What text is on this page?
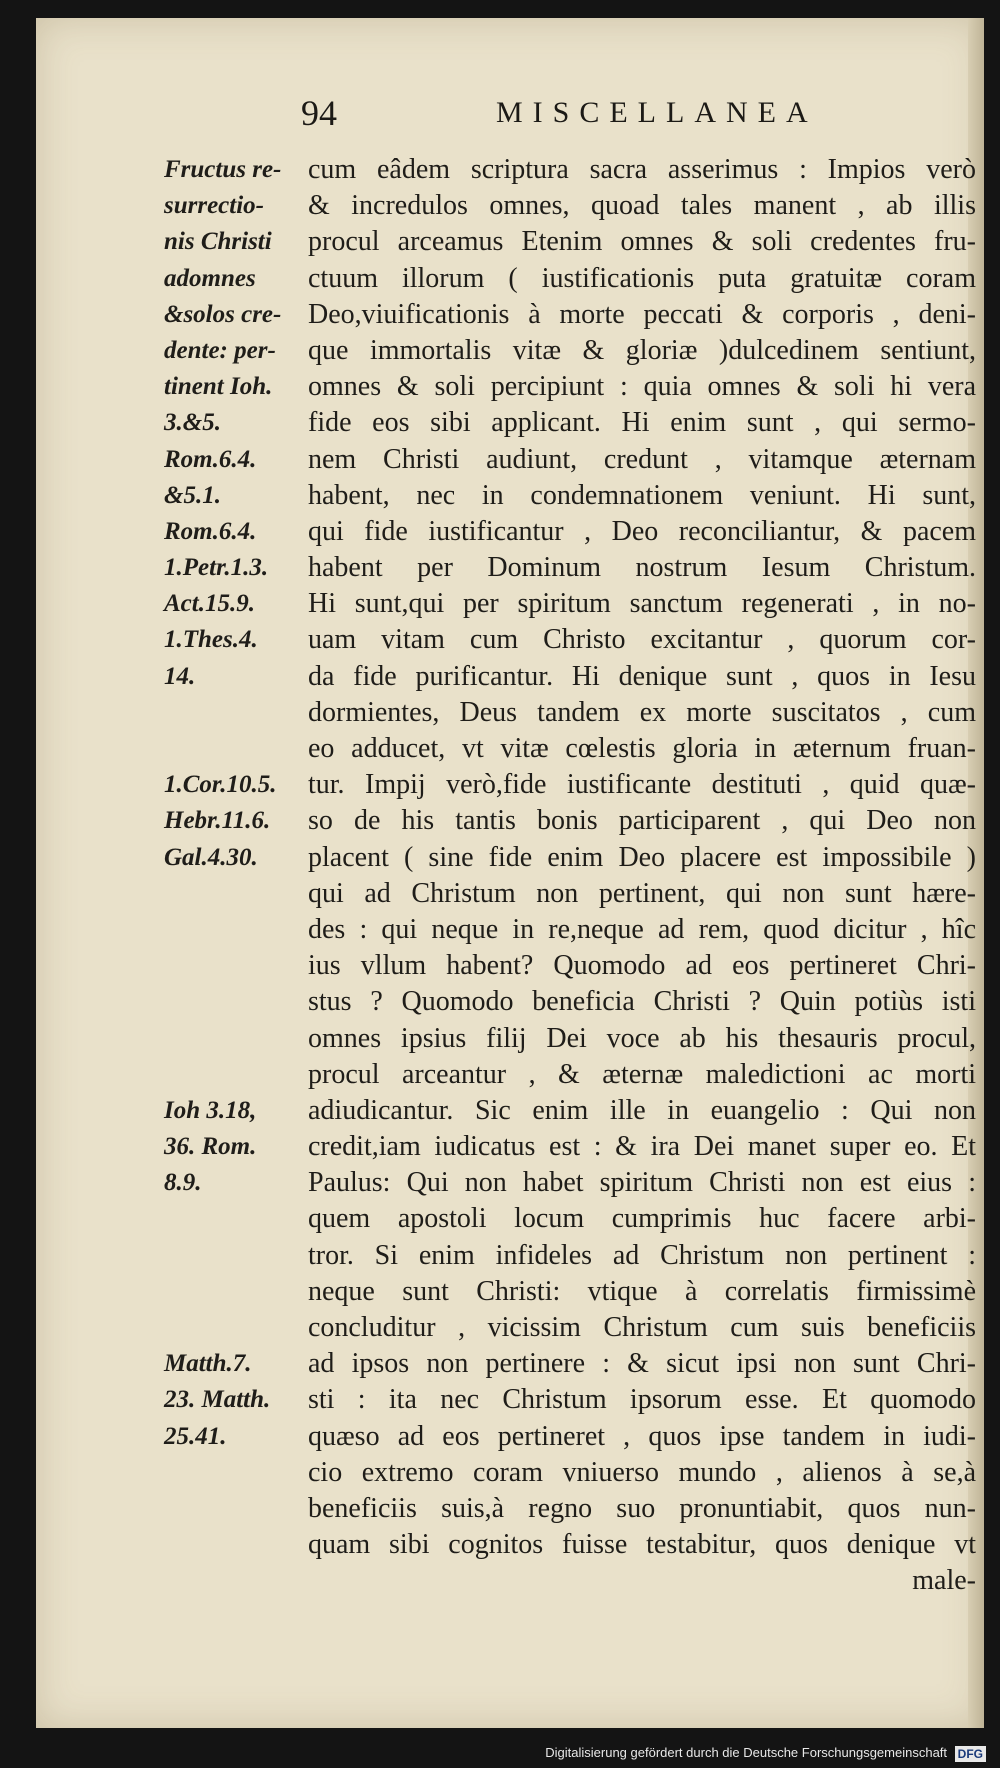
94	MISCELLANEA
Fructus re-
surrectio-
nis Christi
adomnes
&solos cre-
dente: per-
tinent Ioh.
3.&5.
Rom.6.4.
&5.1.
Rom.6.4.
1.Petr.1.3.
Act.15.9.
1.Thes.4.
14.
1.Cor.10.5.
Hebr.11.6.
Gal.4.30.
Ioh 3.18,
36. Rom.
8.9.
Matth.7.
23. Matth.
25.41.
cum eâdem scriptura sacra asserimus : Impios verò
& incredulos omnes, quoad tales manent , ab illis
procul arceamus Etenim omnes & soli credentes fru-
ctuum illorum ( iustificationis puta gratuitæ coram
Deo,viuificationis à morte peccati & corporis , deni-
que immortalis vitæ & gloriæ )dulcedinem sentiunt,
omnes & soli percipiunt : quia omnes & soli hi vera
fide eos sibi applicant. Hi enim sunt , qui sermo-
nem Christi audiunt, credunt , vitamque æternam
habent, nec in condemnationem veniunt. Hi sunt,
qui fide iustificantur , Deo reconciliantur, & pacem
habent per Dominum nostrum Iesum Christum.
Hi sunt,qui per spiritum sanctum regenerati , in no-
uam vitam cum Christo excitantur , quorum cor-
da fide purificantur. Hi denique sunt , quos in Iesu
dormientes, Deus tandem ex morte suscitatos , cum
eo adducet, vt vitæ cœlestis gloria in æternum fruan-
tur. Impij verò,fide iustificante destituti , quid quæ-
so de his tantis bonis participarent , qui Deo non
placent ( sine fide enim Deo placere est impossibile )
qui ad Christum non pertinent, qui non sunt hære-
des : qui neque in re,neque ad rem, quod dicitur , hîc
ius vllum habent? Quomodo ad eos pertineret Chri-
stus ? Quomodo beneficia Christi ? Quin potiùs isti
omnes ipsius filij Dei voce ab his thesauris procul,
procul arceantur , & æternæ maledictioni ac morti
adiudicantur. Sic enim ille in euangelio : Qui non
credit,iam iudicatus est : & ira Dei manet super eo. Et
Paulus: Qui non habet spiritum Christi non est eius :
quem apostoli locum cumprimis huc facere arbi-
tror. Si enim infideles ad Christum non pertinent :
neque sunt Christi: vtique à correlatis firmissimè
concluditur , vicissim Christum cum suis beneficiis
ad ipsos non pertinere : & sicut ipsi non sunt Chri-
sti : ita nec Christum ipsorum esse. Et quomodo
quæso ad eos pertineret , quos ipse tandem in iudi-
cio extremo coram vniuerso mundo , alienos à se,à
beneficiis suis,à regno suo pronuntiabit, quos nun-
quam sibi cognitos fuisse testabitur, quos denique vt
male-
Digitalisierung gefördert durch die Deutsche Forschungsgemeinschaft DFG
